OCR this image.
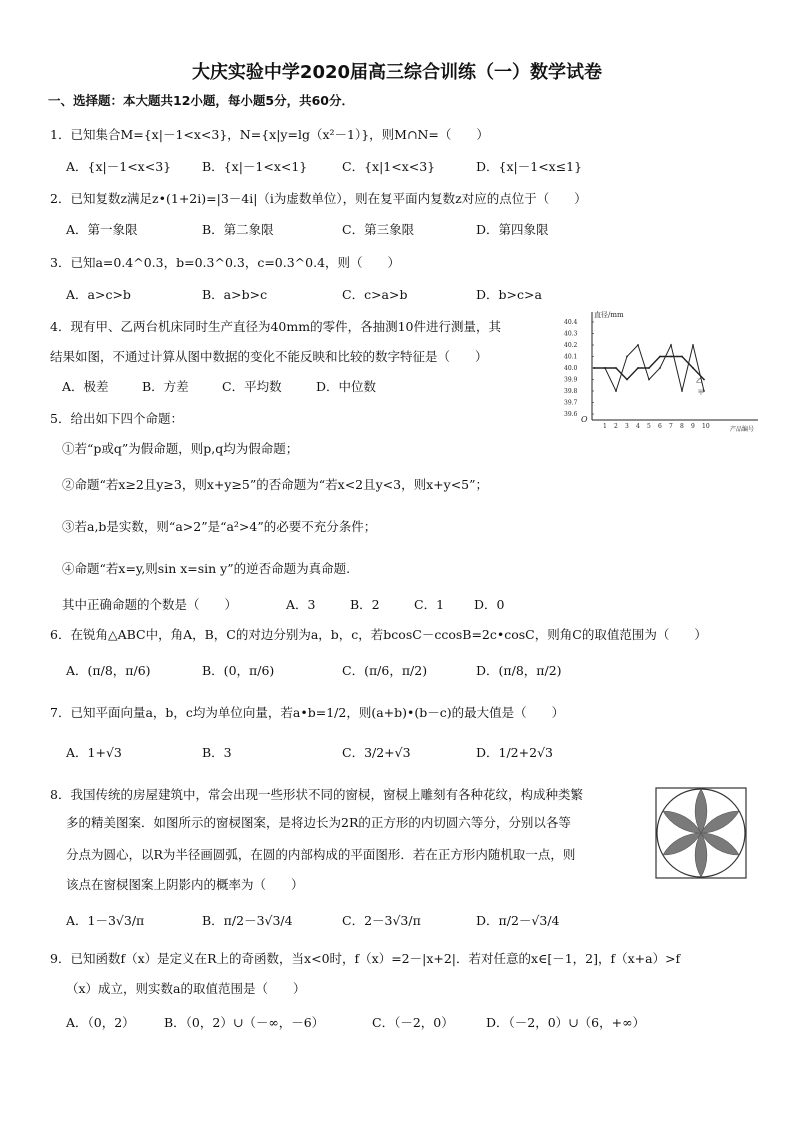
大庆实验中学2020届高三综合训练（一）数学试卷
一、选择题：本大题共12小题，每小题5分，共60分．
1．已知集合M={x|－1<x<3}，N={x|y=lg（x²－1）}，则M∩N=（　　）
A．{x|－1<x<3} B．{x|－1<x<1}	C．{x|1<x<3}	D．{x|－1<x≤1}
2．已知复数z满足z•(1+2i)=|3－4i|（i为虚数单位），则在复平面内复数z对应的点位于（　　）
A．第一象限	B．第二象限	C．第三象限	D．第四象限
3．已知a=0.4^0.3，b=0.3^0.3，c=0.3^0.4，则（　　）
A．a>c>b	B．a>b>c	C．c>a>b	D．b>c>a
4．现有甲、乙两台机床同时生产直径为40mm的零件，各抽测10件进行测量，其
结果如图，不通过计算从图中数据的变化不能反映和比较的数字特征是（　　）
A．极差	B．方差	C．平均数	D．中位数
直径/mm
产品编号
O
40.4
40.3
40.2
40.1
40.0
39.9
39.8
39.7
39.6
1 2 3 4 5 6 7 8 9 10
乙
甲
5．给出如下四个命题：
①若“p或q”为假命题，则p,q均为假命题；
②命题“若x≥2且y≥3，则x+y≥5”的否命题为“若x<2且y<3，则x+y<5”；
③若a,b是实数，则“a>2”是“a²>4”的必要不充分条件；
④命题“若x=y,则sin x=sin y”的逆否命题为真命题.
其中正确命题的个数是（　　）	A．3	B．2	C．1 D．0
6．在锐角△ABC中，角A，B，C的对边分别为a，b，c，若bcosC－ccosB=2c•cosC，则角C的取值范围为（　　）
A．(π/8，π/6)	B．(0，π/6)	C．(π/6，π/2)	D．(π/8，π/2)
7．已知平面向量a，b，c均为单位向量，若a•b=1/2，则(a+b)•(b－c)的最大值是（　　）
A．1+√3	B．3	C．3/2+√3	D．1/2+2√3
8．我国传统的房屋建筑中，常会出现一些形状不同的窗棂，窗棂上雕刻有各种花纹，构成种类繁
多的精美图案．如图所示的窗棂图案，是将边长为2R的正方形的内切圆六等分，分别以各等
分点为圆心，以R为半径画圆弧，在圆的内部构成的平面图形．若在正方形内随机取一点，则
该点在窗棂图案上阴影内的概率为（　　）
A．1－3√3/π	B．π/2－3√3/4	C．2－3√3/π	D．π/2－√3/4
9．已知函数f（x）是定义在R上的奇函数，当x<0时，f（x）=2－|x+2|．若对任意的x∈[－1，2]，f（x+a）>f
（x）成立，则实数a的取值范围是（　　）
A．（0，2） B．（0，2）∪（－∞，－6）	C．（－2，0）	D．（－2，0）∪（6，+∞）
